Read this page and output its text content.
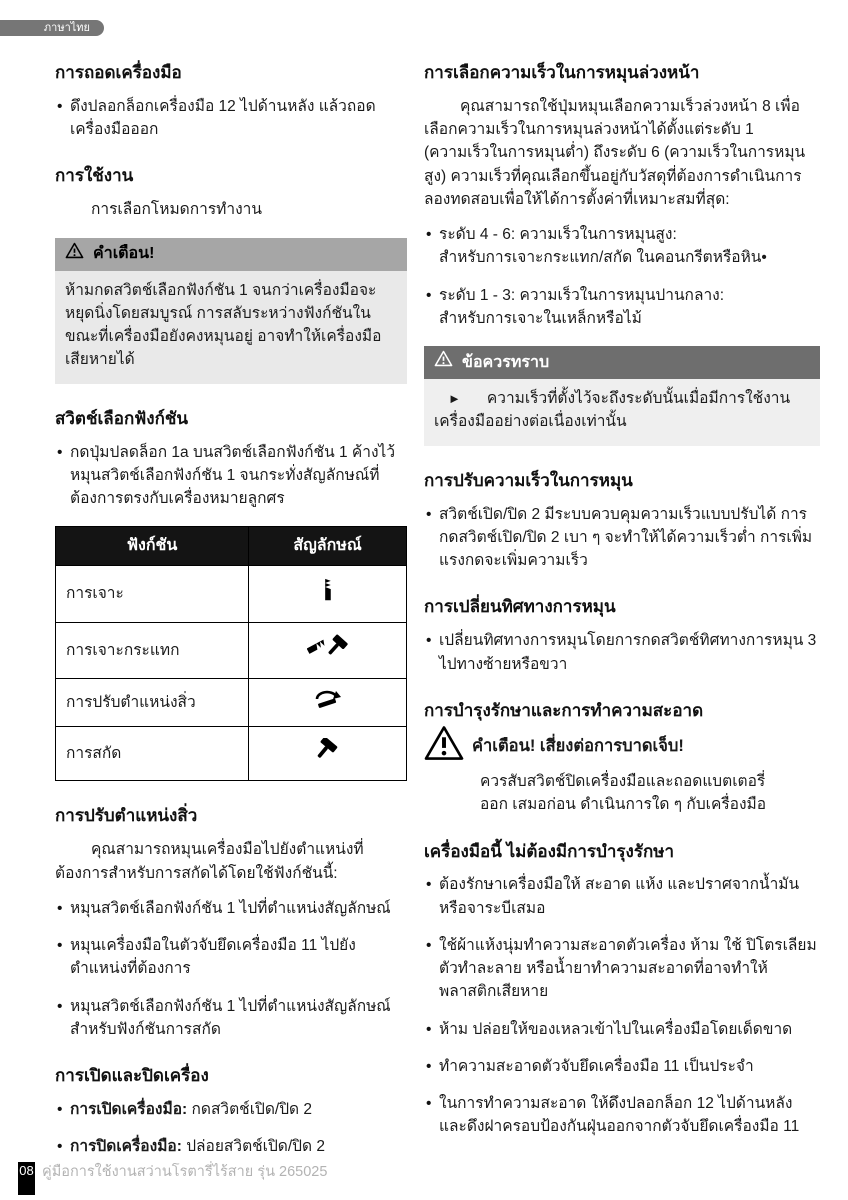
ภาษาไทย
การถอดเครื่องมือ
• ดึงปลอกล็อกเครื่องมือ 12 ไปด้านหลัง แล้วถอดเครื่องมือออก
การใช้งาน
การเลือกโหมดการทำงาน
คำเตือน!
ห้ามกดสวิตช์เลือกฟังก์ชัน 1 จนกว่าเครื่องมือจะหยุดนิ่งโดยสมบูรณ์ การสลับระหว่างฟังก์ชันในขณะที่เครื่องมือยังคงหมุนอยู่ อาจทำให้เครื่องมือเสียหายได้
สวิตช์เลือกฟังก์ชัน
• กดปุ่มปลดล็อก 1a บนสวิตช์เลือกฟังก์ชัน 1 ค้างไว้ หมุนสวิตช์เลือกฟังก์ชัน 1 จนกระทั่งสัญลักษณ์ที่ต้องการตรงกับเครื่องหมายลูกศร
ฟังก์ชัน	สัญลักษณ์
การเจาะ	
การเจาะกระแทก	
การปรับตำแหน่งสิ่ว	
การสกัด	
การปรับตำแหน่งสิ่ว
คุณสามารถหมุนเครื่องมือไปยังตำแหน่งที่ต้องการสำหรับการสกัดได้โดยใช้ฟังก์ชันนี้:
• หมุนสวิตช์เลือกฟังก์ชัน 1 ไปที่ตำแหน่งสัญลักษณ์
• หมุนเครื่องมือในตัวจับยึดเครื่องมือ 11 ไปยังตำแหน่งที่ต้องการ
• หมุนสวิตช์เลือกฟังก์ชัน 1 ไปที่ตำแหน่งสัญลักษณ์ สำหรับฟังก์ชันการสกัด
การเปิดและปิดเครื่อง
• การเปิดเครื่องมือ: กดสวิตช์เปิด/ปิด 2
• การปิดเครื่องมือ: ปล่อยสวิตช์เปิด/ปิด 2
การเลือกความเร็วในการหมุนล่วงหน้า
คุณสามารถใช้ปุ่มหมุนเลือกความเร็วล่วงหน้า 8 เพื่อเลือกความเร็วในการหมุนล่วงหน้าได้ตั้งแต่ระดับ 1 (ความเร็วในการหมุนต่ำ) ถึงระดับ 6 (ความเร็วในการหมุนสูง) ความเร็วที่คุณเลือกขึ้นอยู่กับวัสดุที่ต้องการดำเนินการ ลองทดสอบเพื่อให้ได้การตั้งค่าที่เหมาะสมที่สุด:
• ระดับ 4 - 6: ความเร็วในการหมุนสูง:
สำหรับการเจาะกระแทก/สกัด ในคอนกรีตหรือหิน•
• ระดับ 1 - 3: ความเร็วในการหมุนปานกลาง:
สำหรับการเจาะในเหล็กหรือไม้
ข้อควรทราบ
► ความเร็วที่ตั้งไว้จะถึงระดับนั้นเมื่อมีการใช้งานเครื่องมืออย่างต่อเนื่องเท่านั้น
การปรับความเร็วในการหมุน
• สวิตช์เปิด/ปิด 2 มีระบบควบคุมความเร็วแบบปรับได้ การกดสวิตช์เปิด/ปิด 2 เบา ๆ จะทำให้ได้ความเร็วต่ำ การเพิ่มแรงกดจะเพิ่มความเร็ว
การเปลี่ยนทิศทางการหมุน
• เปลี่ยนทิศทางการหมุนโดยการกดสวิตช์ทิศทางการหมุน 3 ไปทางซ้ายหรือขวา
การบำรุงรักษาและการทำความสะอาด
คำเตือน! เสี่ยงต่อการบาดเจ็บ!
ควรสับสวิตช์ปิดเครื่องมือและถอดแบตเตอรี่ ออก เสมอก่อน ดำเนินการใด ๆ กับเครื่องมือ
เครื่องมือนี้ ไม่ต้องมีการบำรุงรักษา
• ต้องรักษาเครื่องมือให้ สะอาด แห้ง และปราศจากน้ำมันหรือจาระบีเสมอ
• ใช้ผ้าแห้งนุ่มทำความสะอาดตัวเครื่อง ห้าม ใช้ ปิโตรเลียม ตัวทำละลาย หรือน้ำยาทำความสะอาดที่อาจทำให้พลาสติกเสียหาย
• ห้าม ปล่อยให้ของเหลวเข้าไปในเครื่องมือโดยเด็ดขาด
• ทำความสะอาดตัวจับยึดเครื่องมือ 11 เป็นประจำ
• ในการทำความสะอาด ให้ดึงปลอกล็อก 12 ไปด้านหลัง และดึงฝาครอบป้องกันฝุ่นออกจากตัวจับยึดเครื่องมือ 11
08 คู่มือการใช้งานสว่านโรตารี่ไร้สาย รุ่น 265025
